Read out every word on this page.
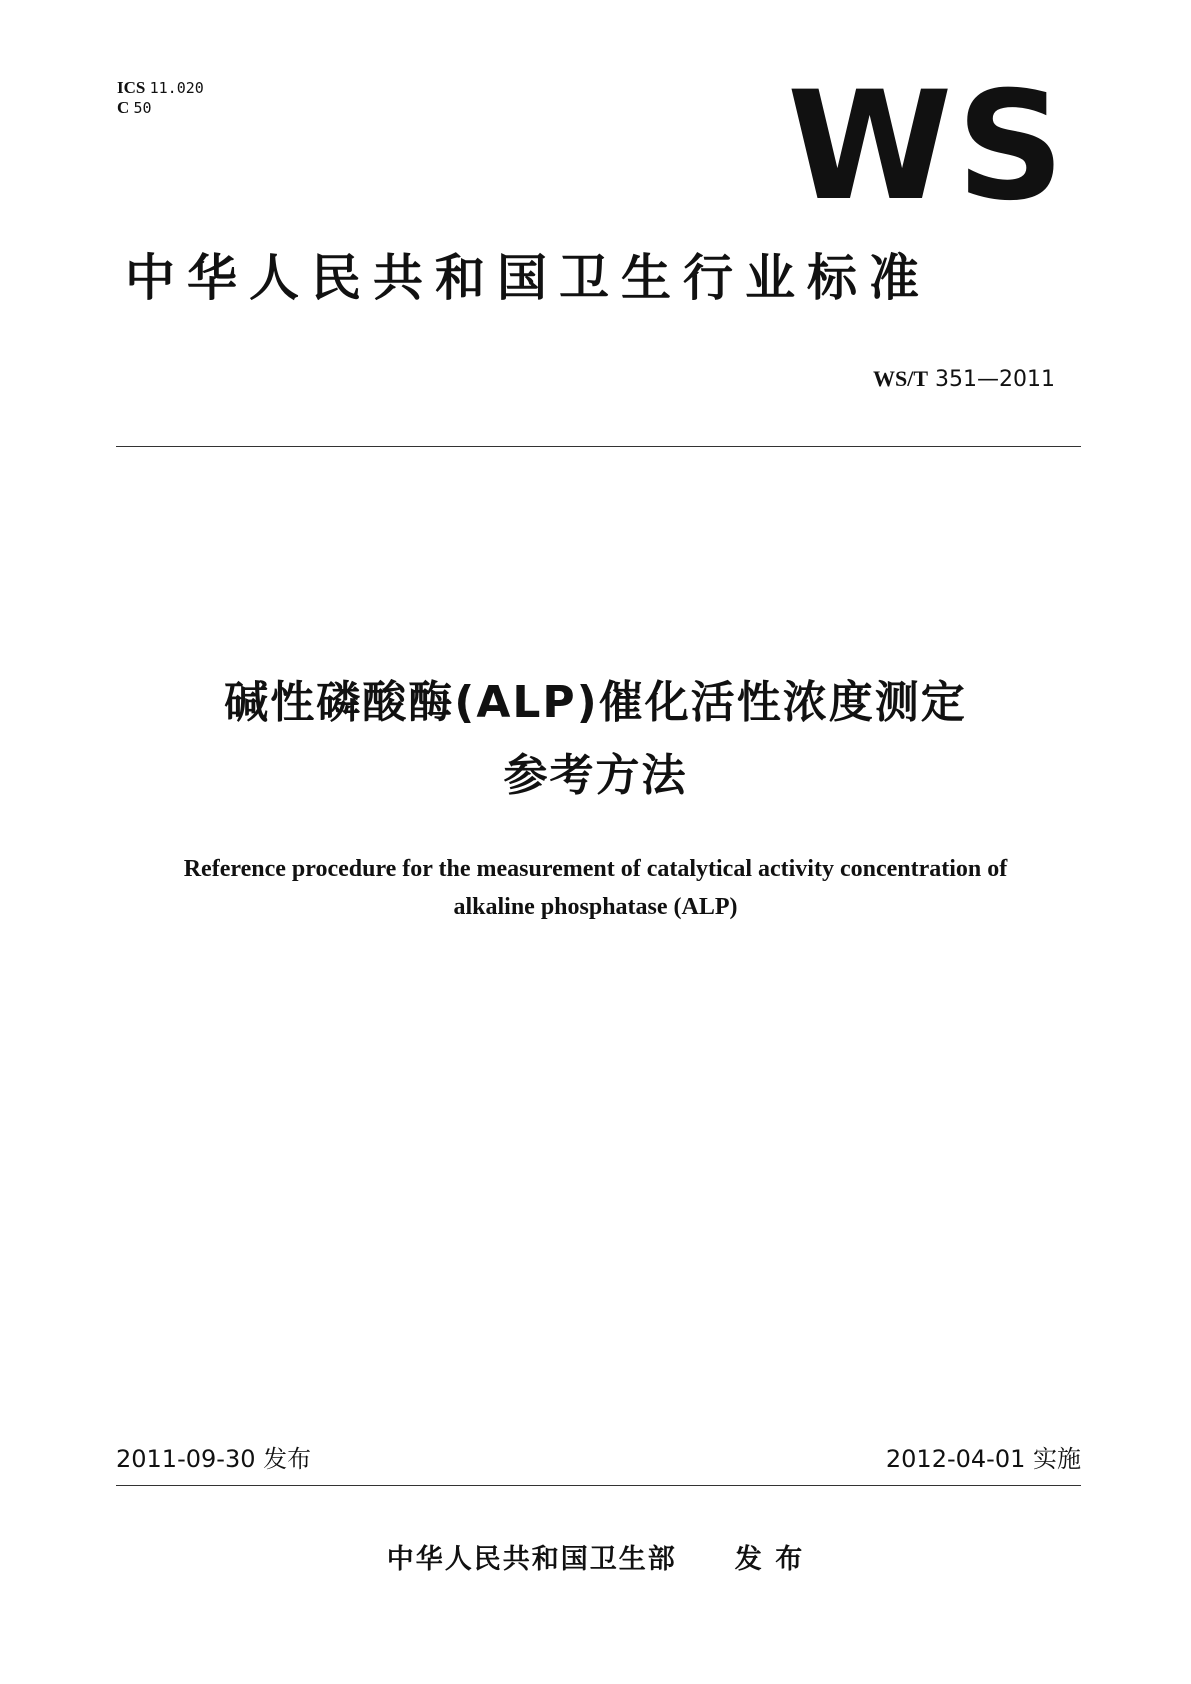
ICS 11.020
C 50	WS
中华人民共和国卫生行业标准
WS/T 351—2011
碱性磷酸酶(ALP)催化活性浓度测定
参考方法
Reference procedure for the measurement of catalytical activity concentration of
alkaline phosphatase (ALP)
2011-09-30 发布	2012-04-01 实施
中华人民共和国卫生部 发 布
